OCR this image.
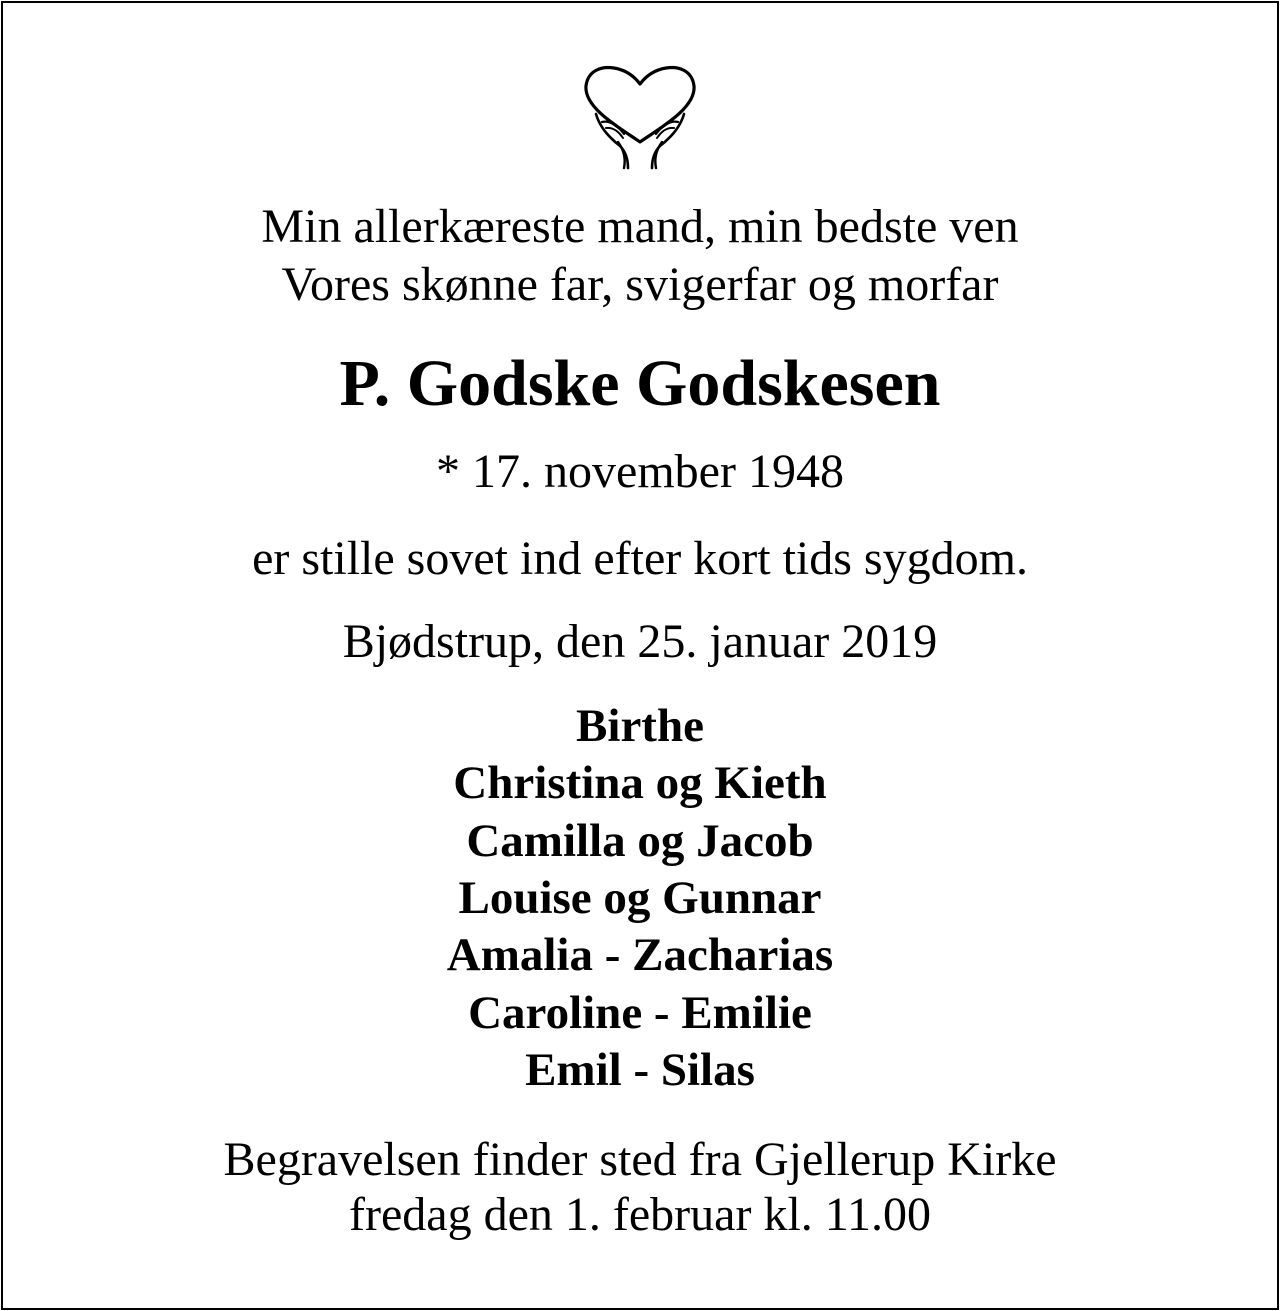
Min allerkæreste mand, min bedste ven
Vores skønne far, svigerfar og morfar
P. Godske Godskesen
* 17. november 1948
er stille sovet ind efter kort tids sygdom.
Bjødstrup, den 25. januar 2019
Birthe
Christina og Kieth
Camilla og Jacob
Louise og Gunnar
Amalia - Zacharias
Caroline - Emilie
Emil - Silas
Begravelsen finder sted fra Gjellerup Kirke
fredag den 1. februar kl. 11.00
